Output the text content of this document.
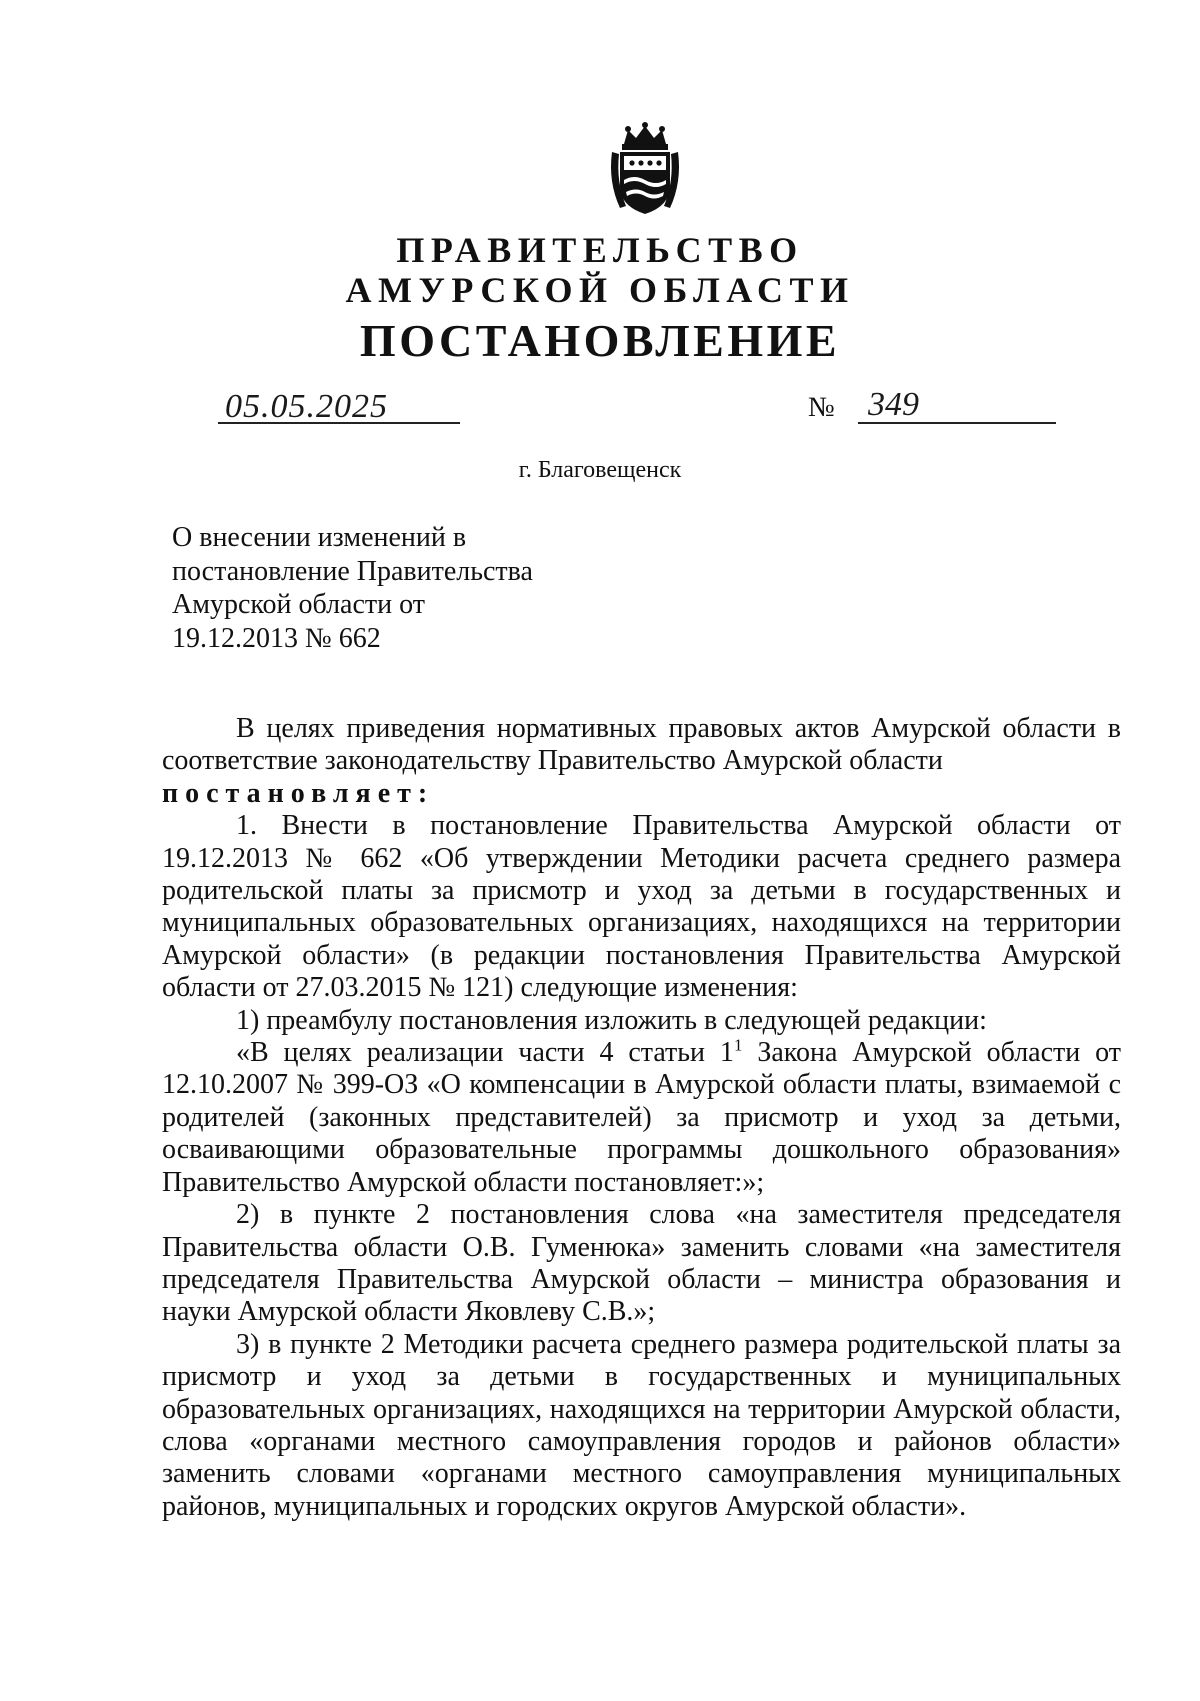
ПРАВИТЕЛЬСТВО
АМУРСКОЙ ОБЛАСТИ
ПОСТАНОВЛЕНИЕ
05.05.2025	№ 349
г. Благовещенск
О внесении изменений в
постановление Правительства
Амурской области от
19.12.2013 № 662

В целях приведения нормативных правовых актов Амурской области в соответствие законодательству Правительство Амурской области

постановляет:

1. Внести в постановление Правительства Амурской области от 19.12.2013 № 662 «Об утверждении Методики расчета среднего размера родительской платы за присмотр и уход за детьми в государственных и муниципальных образовательных организациях, находящихся на территории Амурской области» (в редакции постановления Правительства Амурской области от 27.03.2015 № 121) следующие изменения:

1) преамбулу постановления изложить в следующей редакции:

«В целях реализации части 4 статьи $1^1$ Закона Амурской области от 12.10.2007 № 399-ОЗ «О компенсации в Амурской области платы, взимаемой с родителей (законных представителей) за присмотр и уход за детьми, осваивающими образовательные программы дошкольного образования» Правительство Амурской области постановляет:»;

2) в пункте 2 постановления слова «на заместителя председателя Правительства области О.В. Гуменюка» заменить словами «на заместителя председателя Правительства Амурской области – министра образования и науки Амурской области Яковлеву С.В.»;

3) в пункте 2 Методики расчета среднего размера родительской платы за присмотр и уход за детьми в государственных и муниципальных образовательных организациях, находящихся на территории Амурской области, слова «органами местного самоуправления городов и районов области» заменить словами «органами местного самоуправления муниципальных районов, муниципальных и городских округов Амурской области».
